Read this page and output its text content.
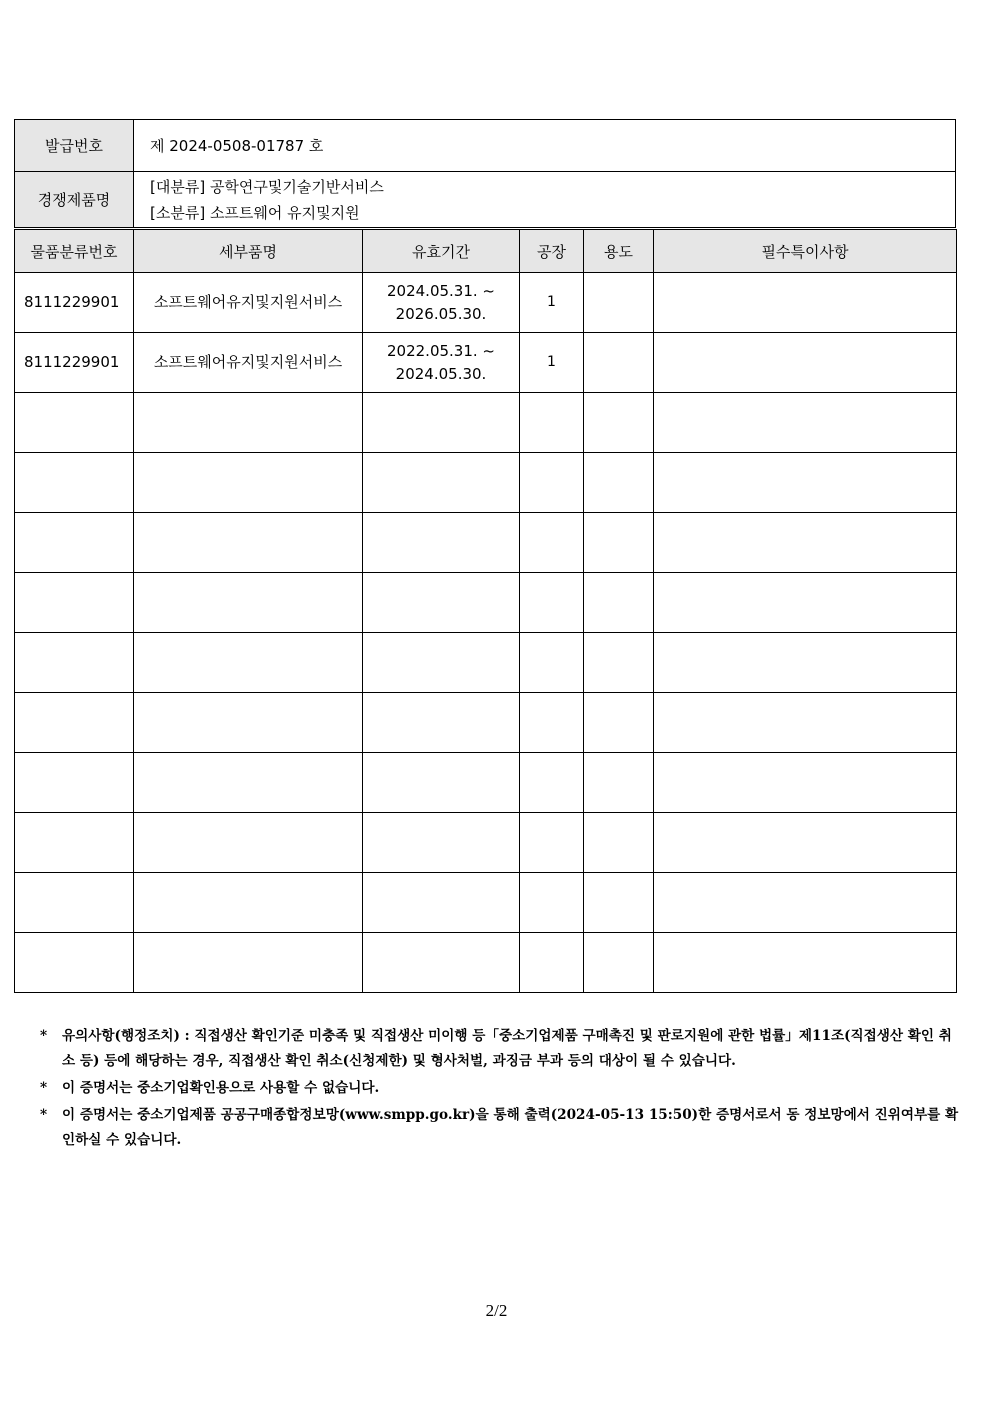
발급번호	제 2024-0508-01787 호
경쟁제품명	[대분류] 공학연구및기술기반서비스
[소분류] 소프트웨어 유지및지원
물품분류번호	세부품명	유효기간	공장	용도	필수특이사항
8111229901	소프트웨어유지및지원서비스	2024.05.31. ~ 2026.05.30.	1		
8111229901	소프트웨어유지및지원서비스	2022.05.31. ~ 2024.05.30.	1		

* 유의사항(행정조치) : 직접생산 확인기준 미충족 및 직접생산 미이행 등「중소기업제품 구매촉진 및 판로지원에 관한 법률」제11조(직접생산 확인 취소 등) 등에 해당하는 경우, 직접생산 확인 취소(신청제한) 및 형사처벌, 과징금 부과 등의 대상이 될 수 있습니다.
* 이 증명서는 중소기업확인용으로 사용할 수 없습니다.
* 이 증명서는 중소기업제품 공공구매종합정보망(www.smpp.go.kr)을 통해 출력(2024-05-13 15:50)한 증명서로서 동 정보망에서 진위여부를 확인하실 수 있습니다.
2/2
